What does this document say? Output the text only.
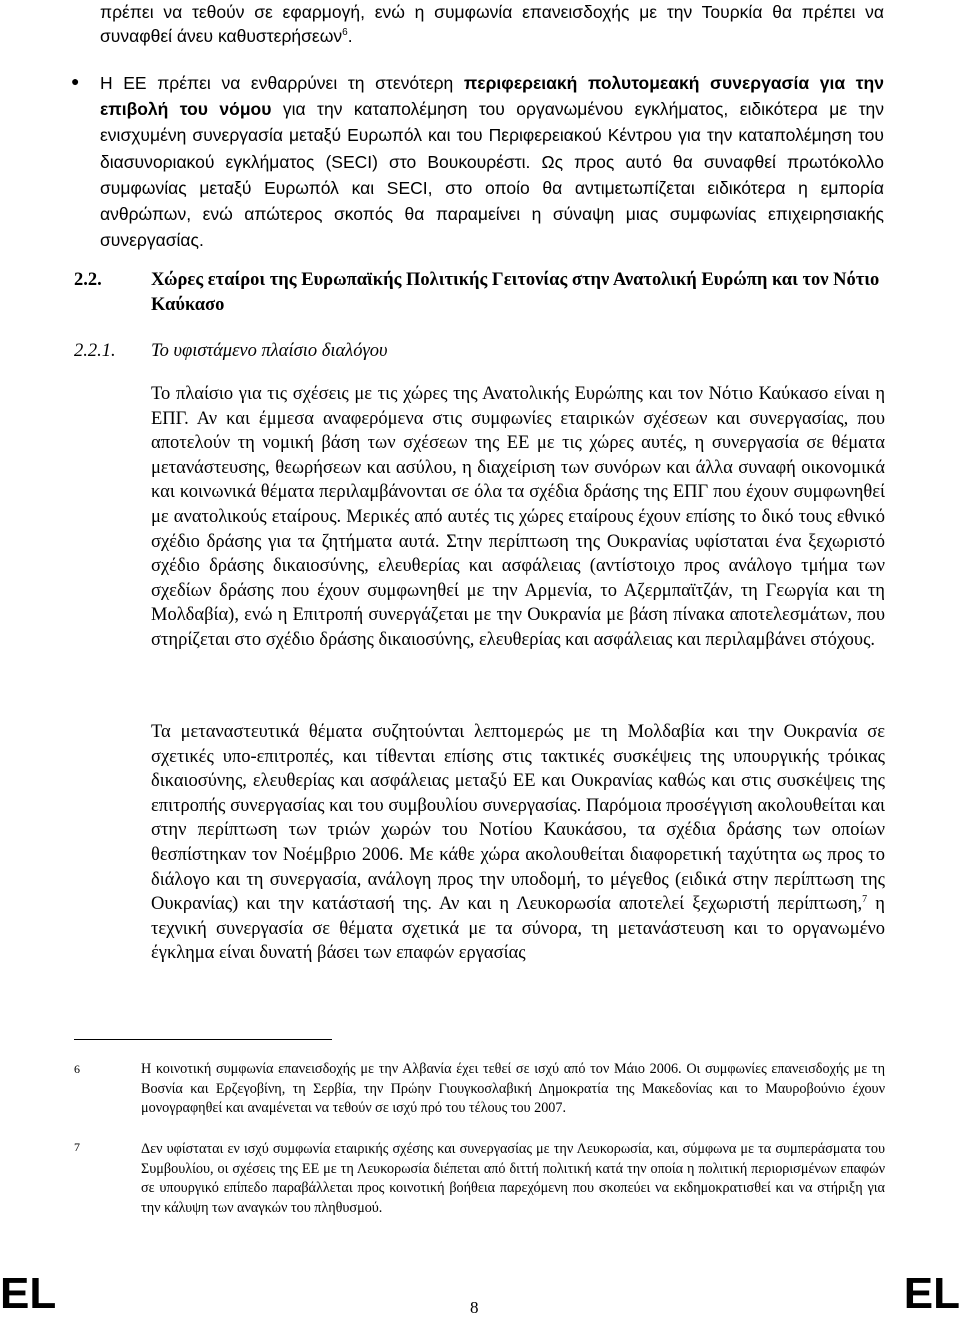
πρέπει να τεθούν σε εφαρμογή, ενώ η συμφωνία επανεισδοχής με την Τουρκία θα πρέπει να συναφθεί άνευ καθυστερήσεων$^6$.

● Η ΕΕ πρέπει να ενθαρρύνει τη στενότερη περιφερειακή πολυτομεακή συνεργασία για την επιβολή του νόμου για την καταπολέμηση του οργανωμένου εγκλήματος, ειδικότερα με την ενισχυμένη συνεργασία μεταξύ Ευρωπόλ και του Περιφερειακού Κέντρου για την καταπολέμηση του διασυνοριακού εγκλήματος (SECI) στο Βουκουρέστι. Ως προς αυτό θα συναφθεί πρωτόκολλο συμφωνίας μεταξύ Ευρωπόλ και SECI, στο οποίο θα αντιμετωπίζεται ειδικότερα η εμπορία ανθρώπων, ενώ απώτερος σκοπός θα παραμείνει η σύναψη μιας συμφωνίας επιχειρησιακής συνεργασίας.

2.2.	Χώρες εταίροι της Ευρωπαϊκής Πολιτικής Γειτονίας στην Ανατολική Ευρώπη και τον Νότιο Καύκασο
2.2.1. Το υφιστάμενο πλαίσιο διαλόγου

Το πλαίσιο για τις σχέσεις με τις χώρες της Ανατολικής Ευρώπης και τον Νότιο Καύκασο είναι η ΕΠΓ. Αν και έμμεσα αναφερόμενα στις συμφωνίες εταιρικών σχέσεων και συνεργασίας, που αποτελούν τη νομική βάση των σχέσεων της ΕΕ με τις χώρες αυτές, η συνεργασία σε θέματα μετανάστευσης, θεωρήσεων και ασύλου, η διαχείριση των συνόρων και άλλα συναφή οικονομικά και κοινωνικά θέματα περιλαμβάνονται σε όλα τα σχέδια δράσης της ΕΠΓ που έχουν συμφωνηθεί με ανατολικούς εταίρους. Μερικές από αυτές τις χώρες εταίρους έχουν επίσης το δικό τους εθνικό σχέδιο δράσης για τα ζητήματα αυτά. Στην περίπτωση της Ουκρανίας υφίσταται ένα ξεχωριστό σχέδιο δράσης δικαιοσύνης, ελευθερίας και ασφάλειας (αντίστοιχο προς ανάλογο τμήμα των σχεδίων δράσης που έχουν συμφωνηθεί με την Αρμενία, το Αζερμπαϊτζάν, τη Γεωργία και τη Μολδαβία), ενώ η Επιτροπή συνεργάζεται με την Ουκρανία με βάση πίνακα αποτελεσμάτων, που στηρίζεται στο σχέδιο δράσης δικαιοσύνης, ελευθερίας και ασφάλειας και περιλαμβάνει στόχους.

Τα μεταναστευτικά θέματα συζητούνται λεπτομερώς με τη Μολδαβία και την Ουκρανία σε σχετικές υπο-επιτροπές, και τίθενται επίσης στις τακτικές συσκέψεις της υπουργικής τρόικας δικαιοσύνης, ελευθερίας και ασφάλειας μεταξύ ΕΕ και Ουκρανίας καθώς και στις συσκέψεις της επιτροπής συνεργασίας και του συμβουλίου συνεργασίας. Παρόμοια προσέγγιση ακολουθείται και στην περίπτωση των τριών χωρών του Νοτίου Καυκάσου, τα σχέδια δράσης των οποίων θεσπίστηκαν τον Νοέμβριο 2006. Με κάθε χώρα ακολουθείται διαφορετική ταχύτητα ως προς το διάλογο και τη συνεργασία, ανάλογη προς την υποδομή, το μέγεθος (ειδικά στην περίπτωση της Ουκρανίας) και την κατάστασή της. Αν και η Λευκορωσία αποτελεί ξεχωριστή περίπτωση,$^7$ η τεχνική συνεργασία σε θέματα σχετικά με τα σύνορα, τη μετανάστευση και το οργανωμένο έγκλημα είναι δυνατή βάσει των επαφών εργασίας

6	Η κοινοτική συμφωνία επανεισδοχής με την Αλβανία έχει τεθεί σε ισχύ από τον Μάιο 2006. Οι συμφωνίες επανεισδοχής με τη Βοσνία και Ερζεγοβίνη, τη Σερβία, την Πρώην Γιουγκοσλαβική Δημοκρατία της Μακεδονίας και το Μαυροβούνιο έχουν μονογραφηθεί και αναμένεται να τεθούν σε ισχύ πρό του τέλους του 2007.

7	Δεν υφίσταται εν ισχύ συμφωνία εταιρικής σχέσης και συνεργασίας με την Λευκορωσία, και, σύμφωνα με τα συμπεράσματα του Συμβουλίου, οι σχέσεις της ΕΕ με τη Λευκορωσία διέπεται από διττή πολιτική κατά την οποία η πολιτική περιορισμένων επαφών σε υπουργικό επίπεδο παραβάλλεται προς κοινοτική βοήθεια παρεχόμενη που σκοπεύει να εκδημοκρατισθεί και να στήριξη για την κάλυψη των αναγκών του πληθυσμού.

EL	8	EL
